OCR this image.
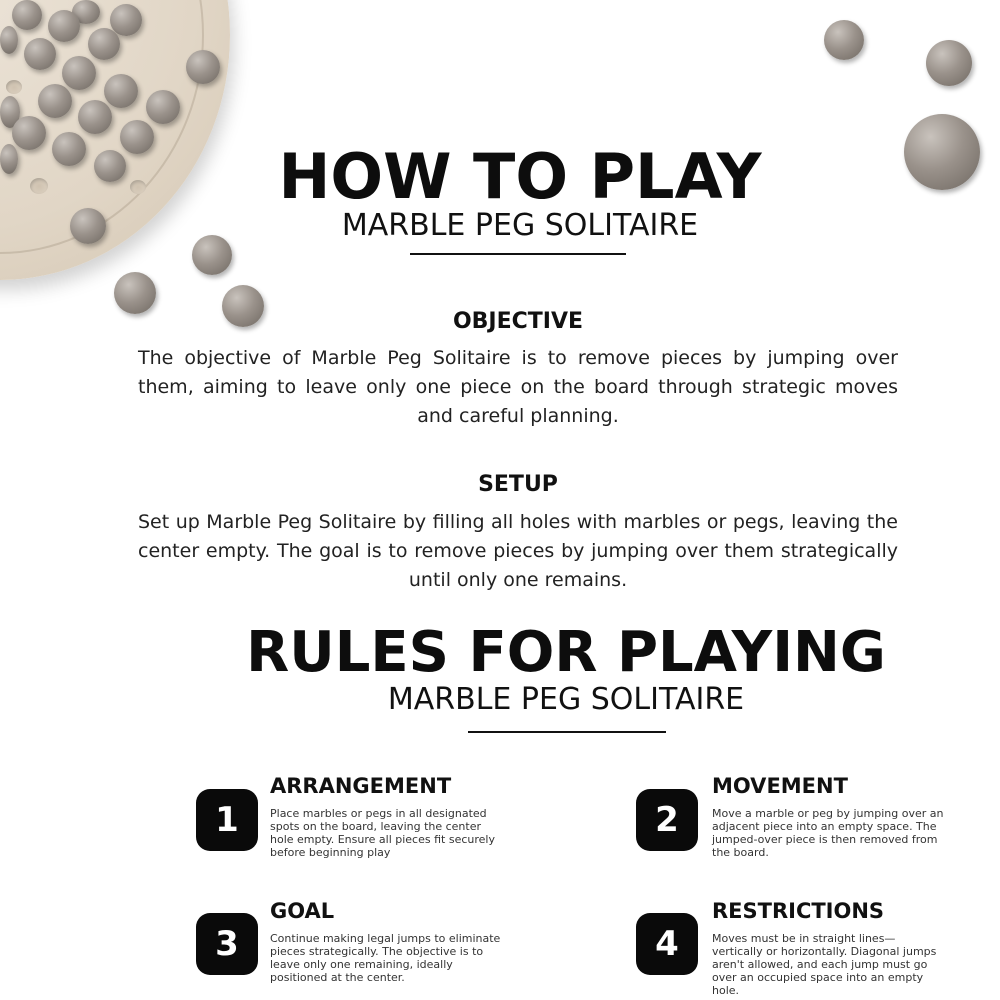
HOW TO PLAY
MARBLE PEG SOLITAIRE
OBJECTIVE
The objective of Marble Peg Solitaire is to remove pieces by jumping over them, aiming to leave only one piece on the board through strategic moves and careful planning.
SETUP
Set up Marble Peg Solitaire by filling all holes with marbles or pegs, leaving the center empty. The goal is to remove pieces by jumping over them strategically until only one remains.
RULES FOR PLAYING
MARBLE PEG SOLITAIRE
1
ARRANGEMENT
Place marbles or pegs in all designated spots on the board, leaving the center hole empty. Ensure all pieces fit securely before beginning play
2
MOVEMENT
Move a marble or peg by jumping over an adjacent piece into an empty space. The jumped-over piece is then removed from the board.
3
GOAL
Continue making legal jumps to eliminate pieces strategically. The objective is to leave only one remaining, ideally positioned at the center.
4
RESTRICTIONS
Moves must be in straight lines—vertically or horizontally. Diagonal jumps aren't allowed, and each jump must go over an occupied space into an empty hole.
